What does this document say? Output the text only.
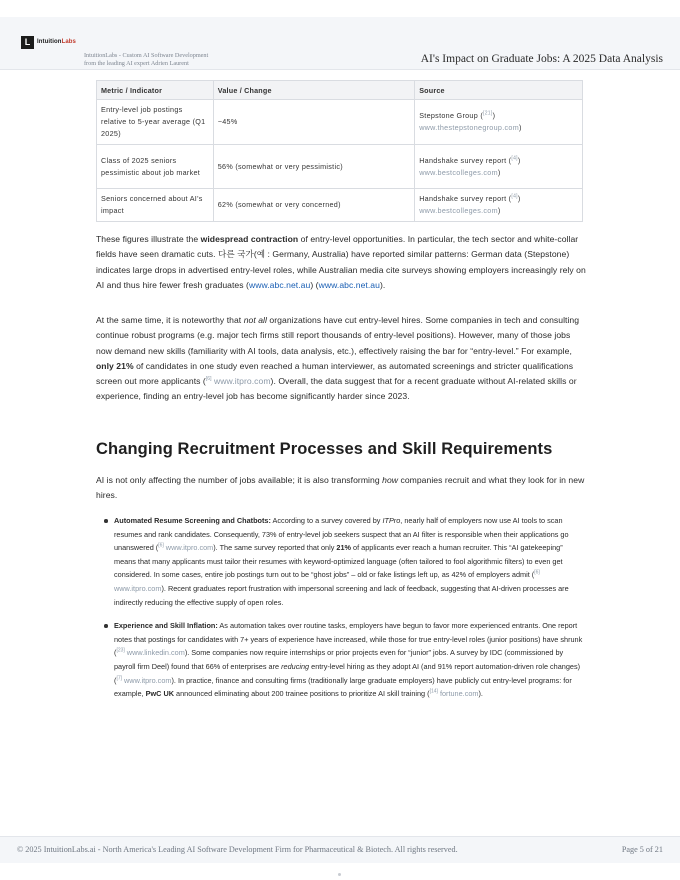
L	IntuitionLabs
IntuitionLabs - Custom AI Software Development
from the leading AI expert Adrien Laurent	AI's Impact on Graduate Jobs: A 2025 Data Analysis
Metric / Indicator	Value / Change	Source
Entry-level job postings relative to 5-year average (Q1 2025)	−45%	Stepstone Group ([21])
www.thestepstonegroup.com)
Class of 2025 seniors pessimistic about job market	56% (somewhat or very pessimistic)	Handshake survey report ([4])
www.bestcolleges.com)
Seniors concerned about AI's impact	62% (somewhat or very concerned)	Handshake survey report ([4])
www.bestcolleges.com)

These figures illustrate the widespread contraction of entry-level opportunities. In particular, the tech sector and white-collar fields have seen dramatic cuts. 다른 국가(예 : Germany, Australia) have reported similar patterns: German data (Stepstone) indicates large drops in advertised entry-level roles, while Australian media cite surveys showing employers increasingly rely on AI and thus hire fewer fresh graduates (www.abc.net.au) (www.abc.net.au).

At the same time, it is noteworthy that not all organizations have cut entry-level hires. Some companies in tech and consulting continue robust programs (e.g. major tech firms still report thousands of entry-level positions). However, many of those jobs now demand new skills (familiarity with AI tools, data analysis, etc.), effectively raising the bar for “entry-level.” For example, only 21% of candidates in one study even reached a human interviewer, as automated screenings and stricter qualifications screen out more applicants ([6] www.itpro.com). Overall, the data suggest that for a recent graduate without AI-related skills or experience, finding an entry-level job has become significantly harder since 2023.

Changing Recruitment Processes and Skill Requirements

AI is not only affecting the number of jobs available; it is also transforming how companies recruit and what they look for in new hires.

Automated Resume Screening and Chatbots: According to a survey covered by ITPro, nearly half of employers now use AI tools to scan resumes and rank candidates. Consequently, 73% of entry-level job seekers suspect that an AI filter is responsible when their applications go unanswered ([6] www.itpro.com). The same survey reported that only 21% of applicants ever reach a human recruiter. This “AI gatekeeping” means that many applicants must tailor their resumes with keyword-optimized language (often tailored to fool algorithmic filters) to even get considered. In some cases, entire job postings turn out to be “ghost jobs” – old or fake listings left up, as 42% of employers admit ([6] www.itpro.com). Recent graduates report frustration with impersonal screening and lack of feedback, suggesting that AI-driven processes are indirectly reducing the effective supply of open roles.
Experience and Skill Inflation: As automation takes over routine tasks, employers have begun to favor more experienced entrants. One report notes that postings for candidates with 7+ years of experience have increased, while those for true entry-level roles (junior positions) have shrunk ([23] www.linkedin.com). Some companies now require internships or prior projects even for “junior” jobs. A survey by IDC (commissioned by payroll firm Deel) found that 66% of enterprises are reducing entry-level hiring as they adopt AI (and 91% report automation-driven role changes) ([7] www.itpro.com). In practice, finance and consulting firms (traditionally large graduate employers) have publicly cut entry-level programs: for example, PwC UK announced eliminating about 200 trainee positions to prioritize AI skill training ([14] fortune.com).
© 2025 IntuitionLabs.ai - North America's Leading AI Software Development Firm for Pharmaceutical & Biotech. All rights reserved.	Page 5 of 21
